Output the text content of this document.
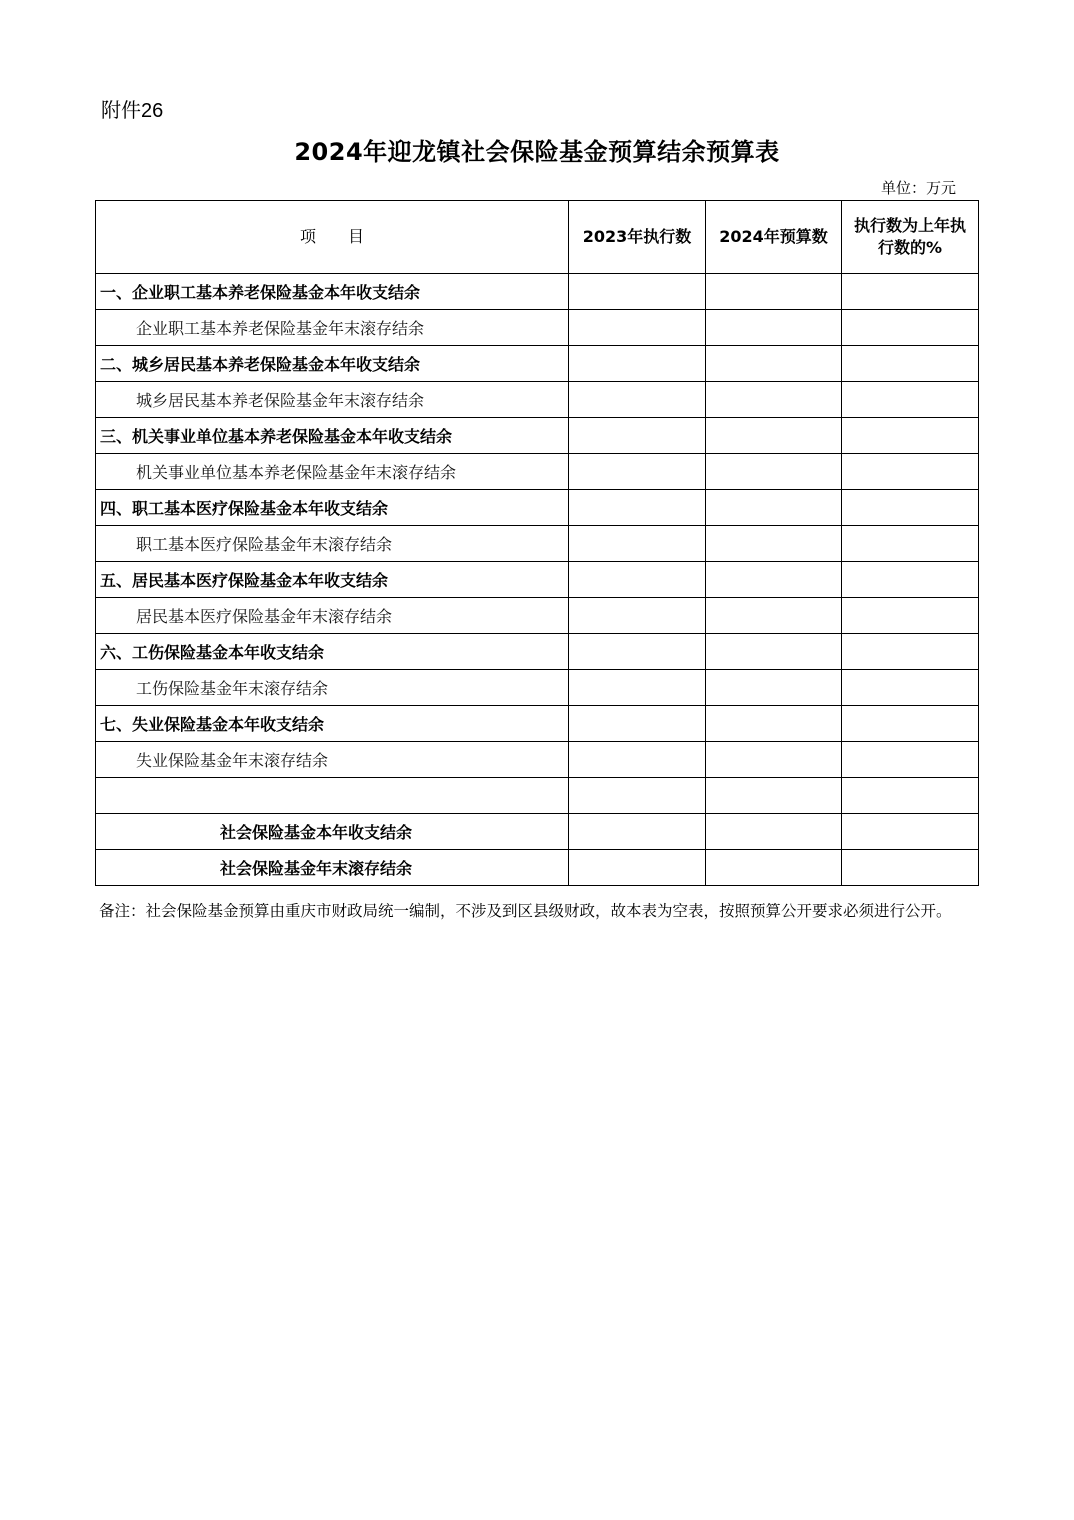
附件26
2024年迎龙镇社会保险基金预算结余预算表
单位：万元
项　　目	2023年执行数	2024年预算数	执行数为上年执行数的%
一、企业职工基本养老保险基金本年收支结余			
企业职工基本养老保险基金年末滚存结余			
二、城乡居民基本养老保险基金本年收支结余			
城乡居民基本养老保险基金年末滚存结余			
三、机关事业单位基本养老保险基金本年收支结余			
机关事业单位基本养老保险基金年末滚存结余			
四、职工基本医疗保险基金本年收支结余			
职工基本医疗保险基金年末滚存结余			
五、居民基本医疗保险基金本年收支结余			
居民基本医疗保险基金年末滚存结余			
六、工伤保险基金本年收支结余			
工伤保险基金年末滚存结余			
七、失业保险基金本年收支结余			
失业保险基金年末滚存结余			

社会保险基金本年收支结余			
社会保险基金年末滚存结余			
备注：社会保险基金预算由重庆市财政局统一编制，不涉及到区县级财政，故本表为空表，按照预算公开要求必须进行公开。
